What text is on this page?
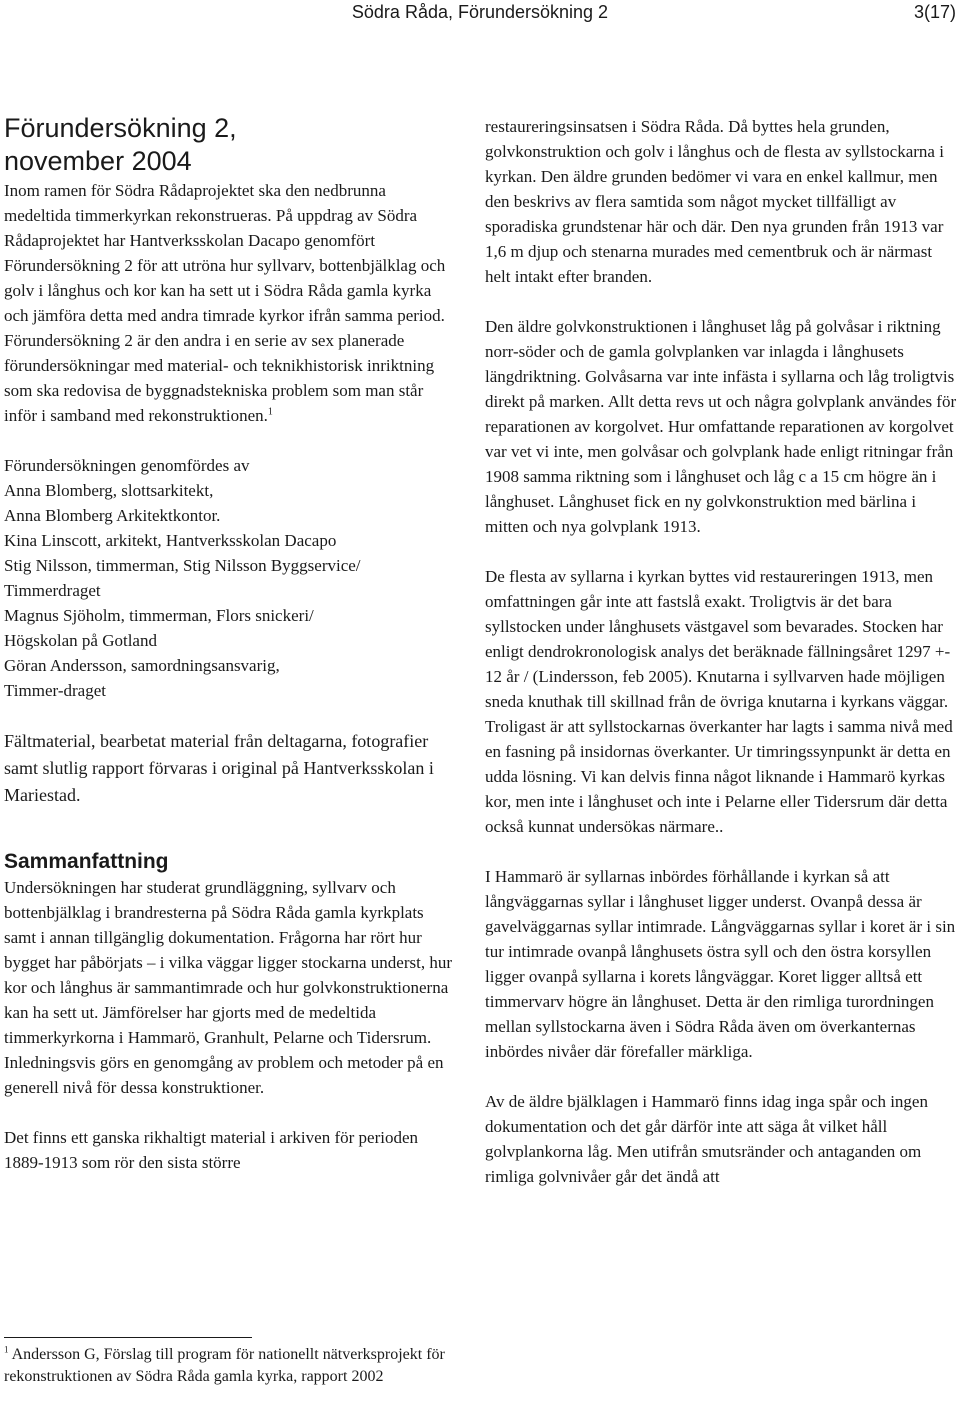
Södra Råda, Förundersökning 2	3(17)
Förundersökning 2,
november 2004

Inom ramen för Södra Rådaprojektet ska den nedbrunna medeltida timmerkyrkan rekonstrueras. På uppdrag av Södra Rådaprojektet har Hantverksskolan Dacapo genomfört Förundersökning 2 för att utröna hur syllvarv, bottenbjälklag och golv i långhus och kor kan ha sett ut i Södra Råda gamla kyrka och jämföra detta med andra timrade kyrkor ifrån samma period. Förundersökning 2 är den andra i en serie av sex planerade förundersökningar med material- och teknikhistorisk inriktning som ska redovisa de byggnadstekniska problem som man står inför i samband med rekonstruktionen.$^1$

Förundersökningen genomfördes av

Anna Blomberg, slottsarkitekt,
Anna Blomberg Arkitektkontor.
Kina Linscott, arkitekt, Hantverksskolan Dacapo
Stig Nilsson, timmerman, Stig Nilsson Byggservice/
Timmerdraget
Magnus Sjöholm, timmerman, Flors snickeri/
Högskolan på Gotland
Göran Andersson, samordningsansvarig,
Timmer-draget

Fältmaterial, bearbetat material från deltagarna, fotografier samt slutlig rapport förvaras i original på Hantverksskolan i Mariestad.

Sammanfattning

Undersökningen har studerat grundläggning, syllvarv och bottenbjälklag i brandresterna på Södra Råda gamla kyrkplats samt i annan tillgänglig dokumentation. Frågorna har rört hur bygget har påbörjats – i vilka väggar ligger stockarna underst, hur kor och långhus är sammantimrade och hur golvkonstruktionerna kan ha sett ut. Jämförelser har gjorts med de medeltida timmerkyrkorna i Hammarö, Granhult, Pelarne och Tidersrum. Inledningsvis görs en genomgång av problem och metoder på en generell nivå för dessa konstruktioner.

Det finns ett ganska rikhaltigt material i arkiven för perioden 1889-1913 som rör den sista större

$^1$ Andersson G, Förslag till program för nationellt nätverksprojekt för rekonstruktionen av Södra Råda gamla kyrka, rapport 2002

restaureringsinsatsen i Södra Råda. Då byttes hela grunden, golvkonstruktion och golv i långhus och de flesta av syllstockarna i kyrkan. Den äldre grunden bedömer vi vara en enkel kallmur, men den beskrivs av flera samtida som något mycket tillfälligt av sporadiska grundstenar här och där. Den nya grunden från 1913 var 1,6 m djup och stenarna murades med cementbruk och är närmast helt intakt efter branden.

Den äldre golvkonstruktionen i långhuset låg på golvåsar i riktning norr-söder och de gamla golvplanken var inlagda i långhusets längdriktning. Golvåsarna var inte infästa i syllarna och låg troligtvis direkt på marken. Allt detta revs ut och några golvplank användes för reparationen av korgolvet. Hur omfattande reparationen av korgolvet var vet vi inte, men golvåsar och golvplank hade enligt ritningar från 1908 samma riktning som i långhuset och låg c a 15 cm högre än i långhuset. Långhuset fick en ny golvkonstruktion med bärlina i mitten och nya golvplank 1913.

De flesta av syllarna i kyrkan byttes vid restaureringen 1913, men omfattningen går inte att fastslå exakt. Troligtvis är det bara syllstocken under långhusets västgavel som bevarades. Stocken har enligt dendrokronologisk analys det beräknade fällningsåret 1297 +- 12 år / (Lindersson, feb 2005). Knutarna i syllvarven hade möjligen sneda knuthak till skillnad från de övriga knutarna i kyrkans väggar. Troligast är att syllstockarnas överkanter har lagts i samma nivå med en fasning på insidornas överkanter. Ur timringssynpunkt är detta en udda lösning. Vi kan delvis finna något liknande i Hammarö kyrkas kor, men inte i långhuset och inte i Pelarne eller Tidersrum där detta också kunnat undersökas närmare..

I Hammarö är syllarnas inbördes förhållande i kyrkan så att långväggarnas syllar i långhuset ligger underst. Ovanpå dessa är gavelväggarnas syllar intimrade. Långväggarnas syllar i koret är i sin tur intimrade ovanpå långhusets östra syll och den östra korsyllen ligger ovanpå syllarna i korets långväggar. Koret ligger alltså ett timmervarv högre än långhuset. Detta är den rimliga turordningen mellan syllstockarna även i Södra Råda även om överkanternas inbördes nivåer där förefaller märkliga.

Av de äldre bjälklagen i Hammarö finns idag inga spår och ingen dokumentation och det går därför inte att säga åt vilket håll golvplankorna låg. Men utifrån smutsränder och antaganden om rimliga golvnivåer går det ändå att
